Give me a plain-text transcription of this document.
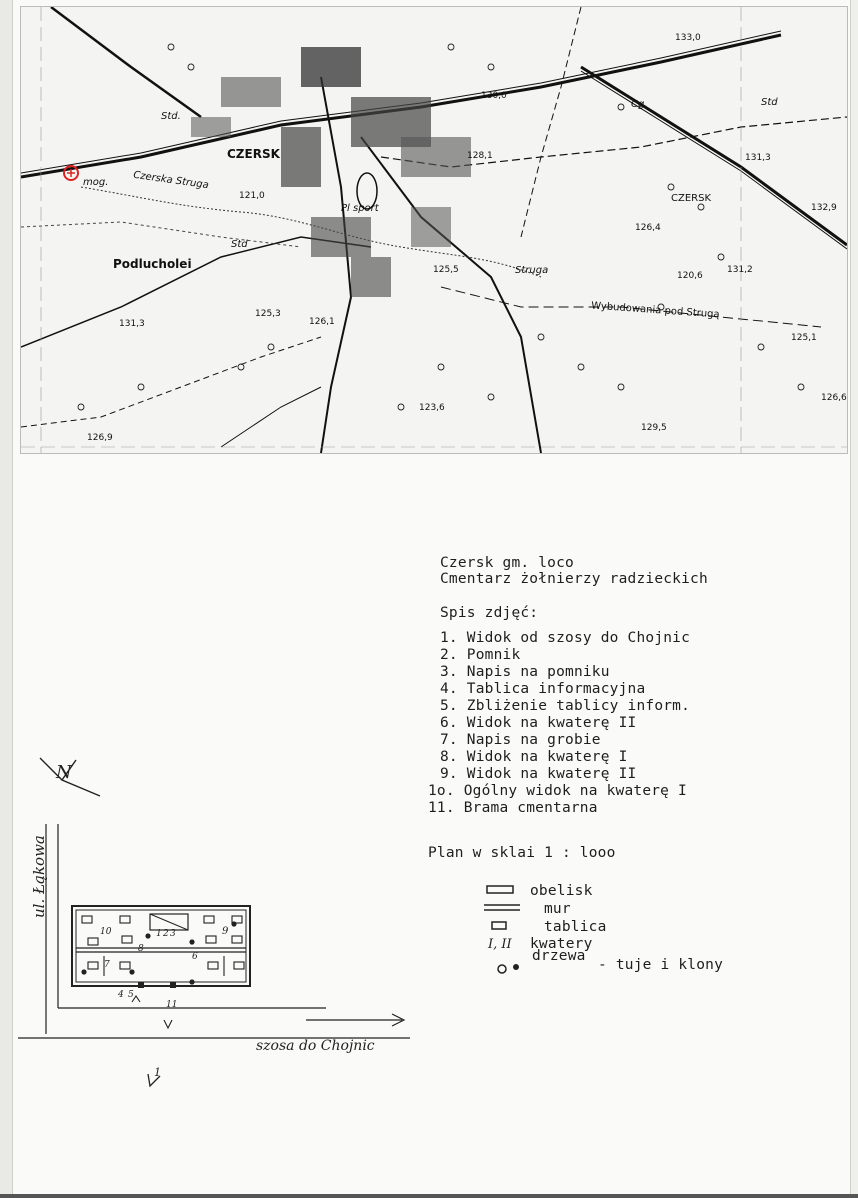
CZERSK
CZERSK
Podlucholei
Czerska Struga
mog.
Std.
Std
Std
Cg.
Pl sport
Struga
Wybudowania pod Strugą
133,0
130,0
128,1
121,0
131,3
131,3
132,9
126,4
120,6
131,2
125,5
125,3
126,1
125,1
126,6
123,6
129,5
126,9
Czersk gm. loco
Cmentarz żołnierzy radzieckich
Spis zdjęć:
1. Widok od szosy do Chojnic
2. Pomnik
3. Napis na pomniku
4. Tablica informacyjna
5. Zbliżenie tablicy inform.
6. Widok na kwaterę II
7. Napis na grobie
8. Widok na kwaterę I
9. Widok na kwaterę II
1o. Ogólny widok na kwaterę I
11. Brama cmentarna
Plan w sklai 1 : looo
obelisk
mur
tablica
I, II kwatery
drzewa
- tuje i klony
ul. Łąkowa
szosa do Chojnic
N
10	1 2 3	9
8
6
7
4 5
11
1
